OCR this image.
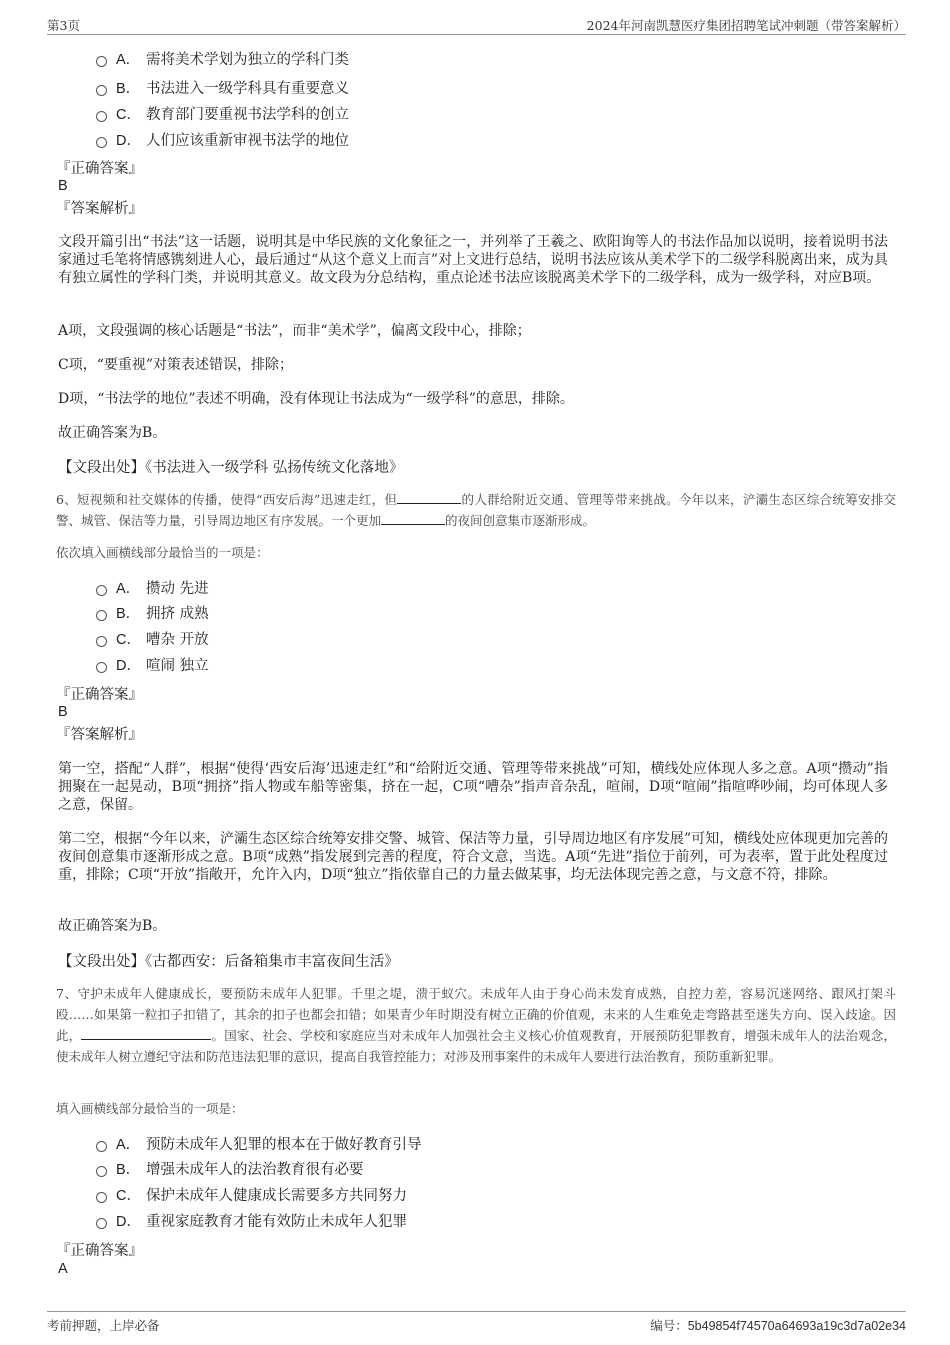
第3页	2024年河南凯慧医疗集团招聘笔试冲刺题（带答案解析）
A． 需将美术学划为独立的学科门类
B． 书法进入一级学科具有重要意义
C． 教育部门要重视书法学科的创立
D． 人们应该重新审视书法学的地位
『正确答案』
B
『答案解析』
文段开篇引出“书法”这一话题，说明其是中华民族的文化象征之一，并列举了王羲之、欧阳询等人的书法作品加以说明，接着说明书法家通过毛笔将情感镌刻进人心，最后通过“从这个意义上而言”对上文进行总结，说明书法应该从美术学下的二级学科脱离出来，成为具有独立属性的学科门类，并说明其意义。故文段为分总结构，重点论述书法应该脱离美术学下的二级学科，成为一级学科，对应B项。
A项，文段强调的核心话题是“书法”，而非“美术学”，偏离文段中心，排除；
C项，“要重视”对策表述错误，排除；
D项，“书法学的地位”表述不明确，没有体现让书法成为“一级学科”的意思，排除。
故正确答案为B。
【文段出处】《书法进入一级学科 弘扬传统文化落地》
6、短视频和社交媒体的传播，使得“西安后海”迅速走红，但	的人群给附近交通、管理等带来挑战。今年以来，浐灞生态区综合统筹安排交警、城管、保洁等力量，引导周边地区有序发展。一个更加	的夜间创意集市逐渐形成。
依次填入画横线部分最恰当的一项是：
A． 攒动 先进
B． 拥挤 成熟
C． 嘈杂 开放
D． 喧闹 独立
『正确答案』
B
『答案解析』
第一空，搭配“人群”，根据“使得‘西安后海’迅速走红”和“给附近交通、管理等带来挑战”可知，横线处应体现人多之意。A项“攒动”指拥聚在一起晃动，B项“拥挤”指人物或车船等密集，挤在一起，C项“嘈杂”指声音杂乱，喧闹，D项“喧闹”指喧哗吵闹，均可体现人多之意，保留。
第二空，根据“今年以来，浐灞生态区综合统筹安排交警、城管、保洁等力量，引导周边地区有序发展”可知，横线处应体现更加完善的夜间创意集市逐渐形成之意。B项“成熟”指发展到完善的程度，符合文意，当选。A项“先进”指位于前列，可为表率，置于此处程度过重，排除；C项“开放”指敞开，允许入内，D项“独立”指依靠自己的力量去做某事，均无法体现完善之意，与文意不符，排除。
故正确答案为B。
【文段出处】《古都西安：后备箱集市丰富夜间生活》
7、守护未成年人健康成长，要预防未成年人犯罪。千里之堤，溃于蚁穴。未成年人由于身心尚未发育成熟，自控力差，容易沉迷网络、跟风打架斗殴……如果第一粒扣子扣错了，其余的扣子也都会扣错；如果青少年时期没有树立正确的价值观，未来的人生难免走弯路甚至迷失方向、误入歧途。因此，	。国家、社会、学校和家庭应当对未成年人加强社会主义核心价值观教育，开展预防犯罪教育，增强未成年人的法治观念，使未成年人树立遵纪守法和防范违法犯罪的意识，提高自我管控能力；对涉及刑事案件的未成年人要进行法治教育，预防重新犯罪。
填入画横线部分最恰当的一项是：
A． 预防未成年人犯罪的根本在于做好教育引导
B． 增强未成年人的法治教育很有必要
C． 保护未成年人健康成长需要多方共同努力
D． 重视家庭教育才能有效防止未成年人犯罪
『正确答案』
A
考前押题，上岸必备	编号：5b49854f74570a64693a19c3d7a02e34
